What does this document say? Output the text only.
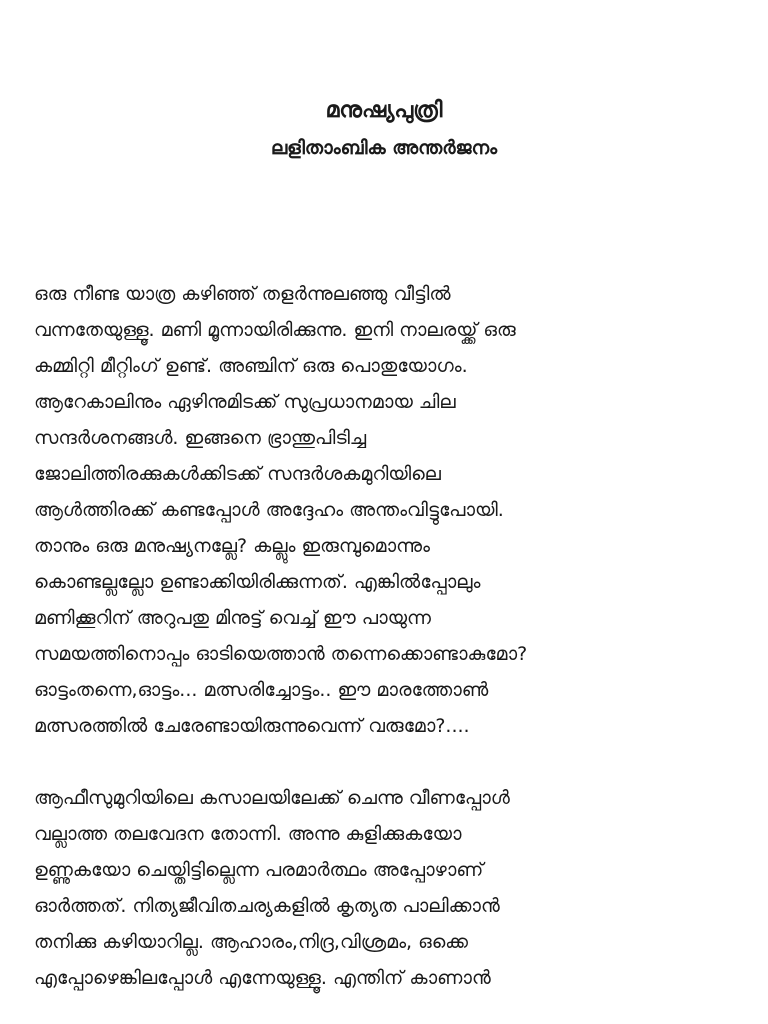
മനുഷ്യപുത്രി
ലളിതാംബിക അന്തർജനം
ഒരു നീണ്ട യാത്ര കഴിഞ്ഞ് തളർന്നുലഞ്ഞു വീട്ടിൽ
വന്നതേയുള്ളൂ. മണി മൂന്നായിരിക്കുന്നു. ഇനി നാലരയ്ക്ക് ഒരു
കമ്മിറ്റി മീറ്റിംഗ് ഉണ്ട്. അഞ്ചിന് ഒരു പൊതുയോഗം.
ആറേകാലിനും ഏഴിനുമിടക്ക് സുപ്രധാനമായ ചില
സന്ദർശനങ്ങൾ. ഇങ്ങനെ ഭ്രാന്തുപിടിച്ച
ജോലിത്തിരക്കുകൾക്കിടക്ക് സന്ദർശകമുറിയിലെ
ആൾത്തിരക്ക് കണ്ടപ്പോൾ അദ്ദേഹം അന്തംവിട്ടുപോയി.
താനും ഒരു മനുഷ്യനല്ലേ? കല്ലും ഇരുമ്പുമൊന്നും
കൊണ്ടല്ലല്ലോ ഉണ്ടാക്കിയിരിക്കുന്നത്. എങ്കിൽപ്പോലും
മണിക്കൂറിന് അറുപതു മിനുട്ട് വെച്ച് ഈ പായുന്ന
സമയത്തിനൊപ്പം ഓടിയെത്താൻ തന്നെക്കൊണ്ടാകുമോ?
ഓട്ടംതന്നെ,ഓട്ടം... മത്സരിച്ചോട്ടം.. ഈ മാരത്തോൺ
മത്സരത്തിൽ ചേരേണ്ടായിരുന്നുവെന്ന് വരുമോ?....
ആഫീസുമുറിയിലെ കസാലയിലേക്ക് ചെന്നു വീണപ്പോൾ
വല്ലാത്ത തലവേദന തോന്നി. അന്നു കുളിക്കുകയോ
ഉണ്ണുകയോ ചെയ്തിട്ടില്ലെന്ന പരമാർത്ഥം അപ്പോഴാണ്
ഓർത്തത്. നിത്യജീവിതചര്യകളിൽ കൃത്യത പാലിക്കാൻ
തനിക്കു കഴിയാറില്ല. ആഹാരം,നിദ്ര,വിശ്രമം, ഒക്കെ
എപ്പോഴെങ്കിലപ്പോൾ എന്നേയുള്ളൂ. എന്തിന് കാണാൻ
